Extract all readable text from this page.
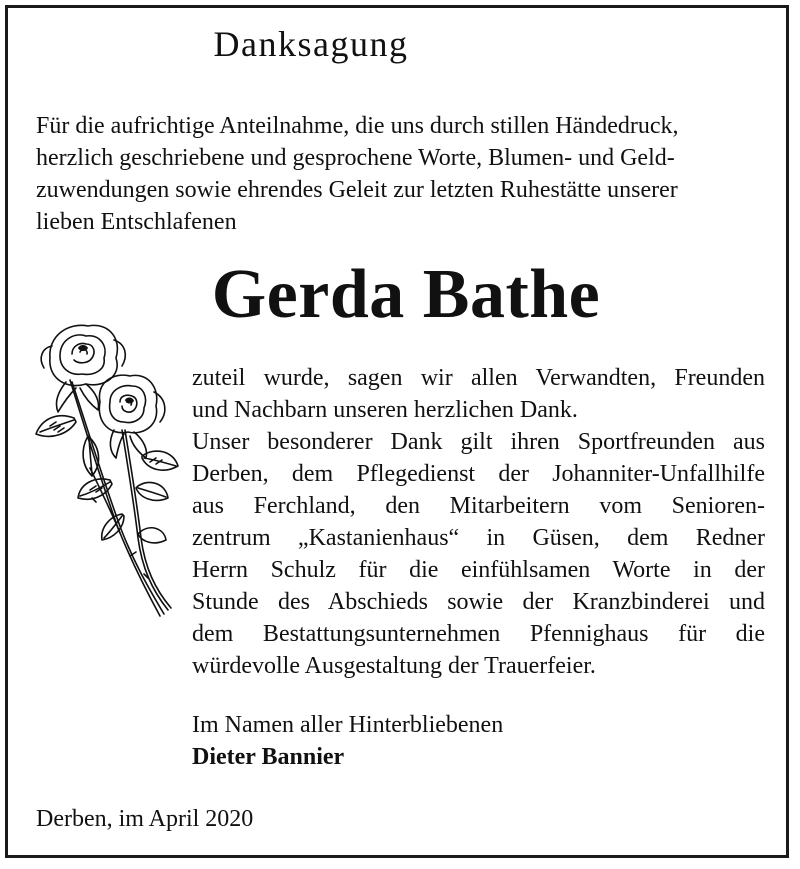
Danksagung
Für die aufrichtige Anteilnahme, die uns durch stillen Händedruck,
herzlich geschriebene und gesprochene Worte, Blumen- und Geld-
zuwendungen sowie ehrendes Geleit zur letzten Ruhestätte unserer
lieben Entschlafenen
Gerda Bathe
zuteil wurde, sagen wir allen Verwandten, Freunden
und Nachbarn unseren herzlichen Dank.
Unser besonderer Dank gilt ihren Sportfreunden aus
Derben, dem Pflegedienst der Johanniter-Unfallhilfe
aus Ferchland, den Mitarbeitern vom Senioren-
zentrum „Kastanienhaus“ in Güsen, dem Redner
Herrn Schulz für die einfühlsamen Worte in der
Stunde des Abschieds sowie der Kranzbinderei und
dem Bestattungsunternehmen Pfennighaus für die
würdevolle Ausgestaltung der Trauerfeier.
Im Namen aller Hinterbliebenen
Dieter Bannier
Derben, im April 2020
